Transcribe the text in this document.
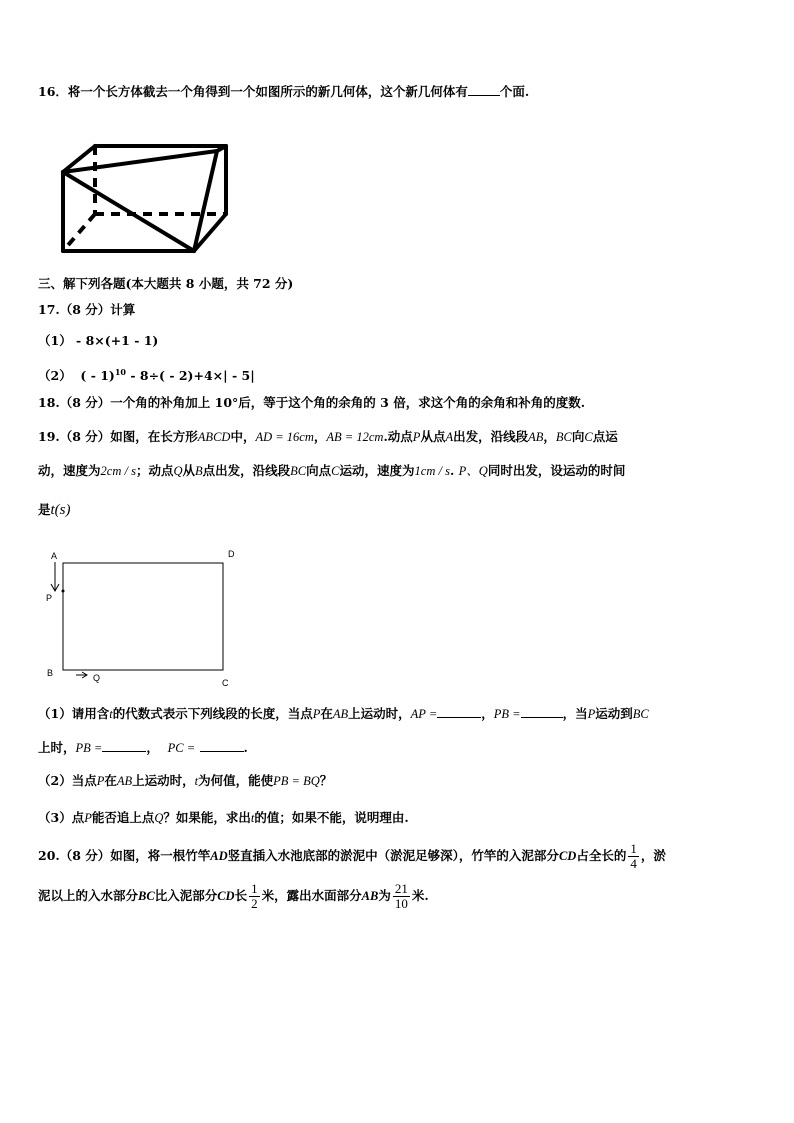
16．将一个长方体截去一个角得到一个如图所示的新几何体，这个新几何体有	个面.
三、解下列各题(本大题共 8 小题，共 72 分)
17.（8 分）计算
（1） - 8×(+1 - 1)
（2） ( - 1)$^{10}$ - 8÷( - 2)+4×| - 5|
18.（8 分）一个角的补角加上 10°后，等于这个角的余角的 3 倍，求这个角的余角和补角的度数.
19.（8 分）如图，在长方形ABCD中，AD = 16cm，AB = 12cm.动点P从点A出发，沿线段AB，BC向C点运
动，速度为2cm / s；动点Q从B点出发，沿线段BC向点C运动，速度为1cm / s. P、Q同时出发，设运动的时间
是t(s)
A	D
P
B	Q	C
（1）请用含t的代数式表示下列线段的长度，当点P在AB上运动时，AP =	，PB =	，当P运动到BC
上时，PB =	， PC =	.
（2）当点P在AB上运动时，t为何值，能使PB = BQ？
（3）点P能否追上点Q？如果能，求出t的值；如果不能，说明理由.
20.（8 分）如图，将一根竹竿AD竖直插入水池底部的淤泥中（淤泥足够深），竹竿的入泥部分CD占全长的 $\frac{1}{4}$ ，淤
泥以上的入水部分BC比入泥部分CD长 $\frac{1}{2}$ 米，露出水面部分AB为 $\frac{21}{10}$ 米.
